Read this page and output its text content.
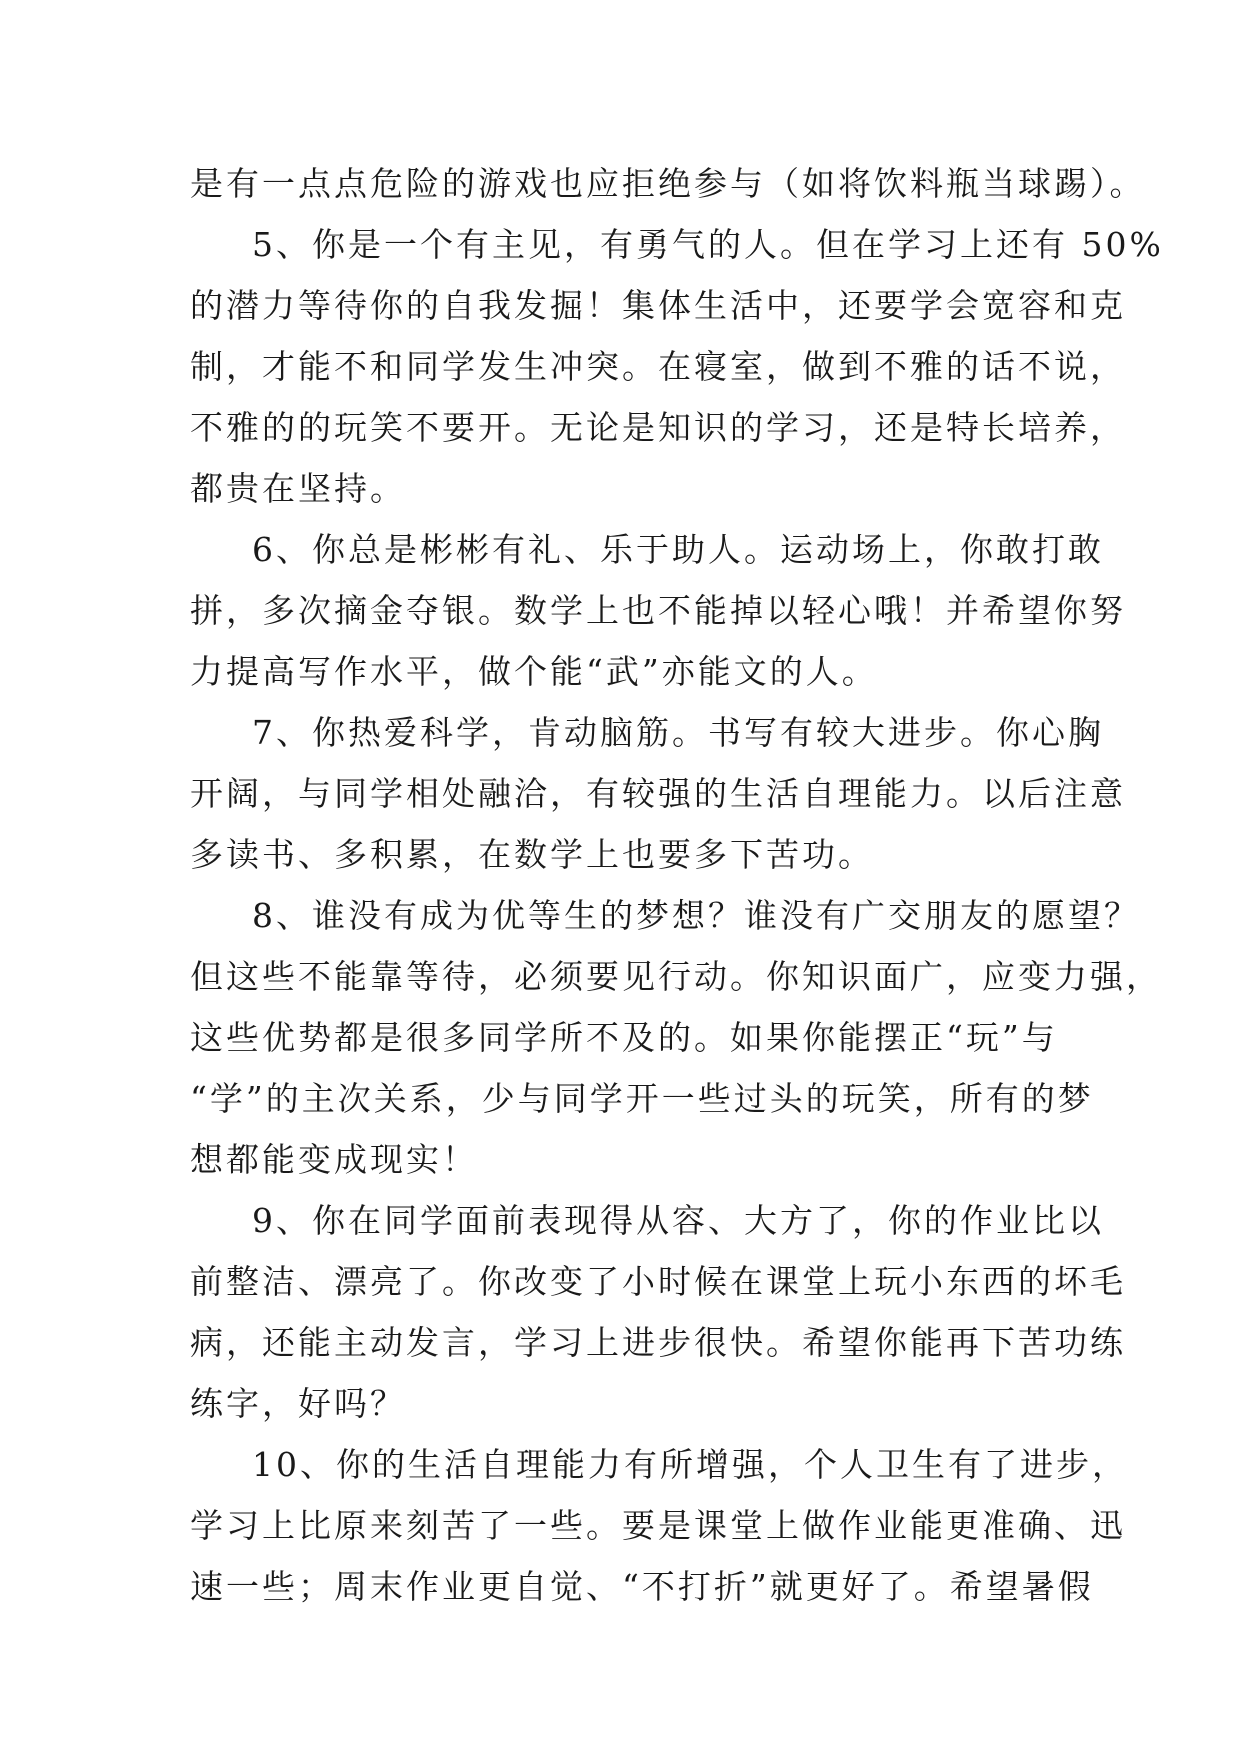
是有一点点危险的游戏也应拒绝参与（如将饮料瓶当球踢）。
5、你是一个有主见，有勇气的人。但在学习上还有 50%
的潜力等待你的自我发掘！集体生活中，还要学会宽容和克
制，才能不和同学发生冲突。在寝室，做到不雅的话不说，
不雅的的玩笑不要开。无论是知识的学习，还是特长培养，
都贵在坚持。
6、你总是彬彬有礼、乐于助人。运动场上，你敢打敢
拼，多次摘金夺银。数学上也不能掉以轻心哦！并希望你努
力提高写作水平，做个能“武”亦能文的人。
7、你热爱科学，肯动脑筋。书写有较大进步。你心胸
开阔，与同学相处融洽，有较强的生活自理能力。以后注意
多读书、多积累，在数学上也要多下苦功。
8、谁没有成为优等生的梦想？谁没有广交朋友的愿望？
但这些不能靠等待，必须要见行动。你知识面广，应变力强，
这些优势都是很多同学所不及的。如果你能摆正“玩”与
“学”的主次关系，少与同学开一些过头的玩笑，所有的梦
想都能变成现实！
9、你在同学面前表现得从容、大方了，你的作业比以
前整洁、漂亮了。你改变了小时候在课堂上玩小东西的坏毛
病，还能主动发言，学习上进步很快。希望你能再下苦功练
练字，好吗？
10、你的生活自理能力有所增强，个人卫生有了进步，
学习上比原来刻苦了一些。要是课堂上做作业能更准确、迅
速一些；周末作业更自觉、“不打折”就更好了。希望暑假
